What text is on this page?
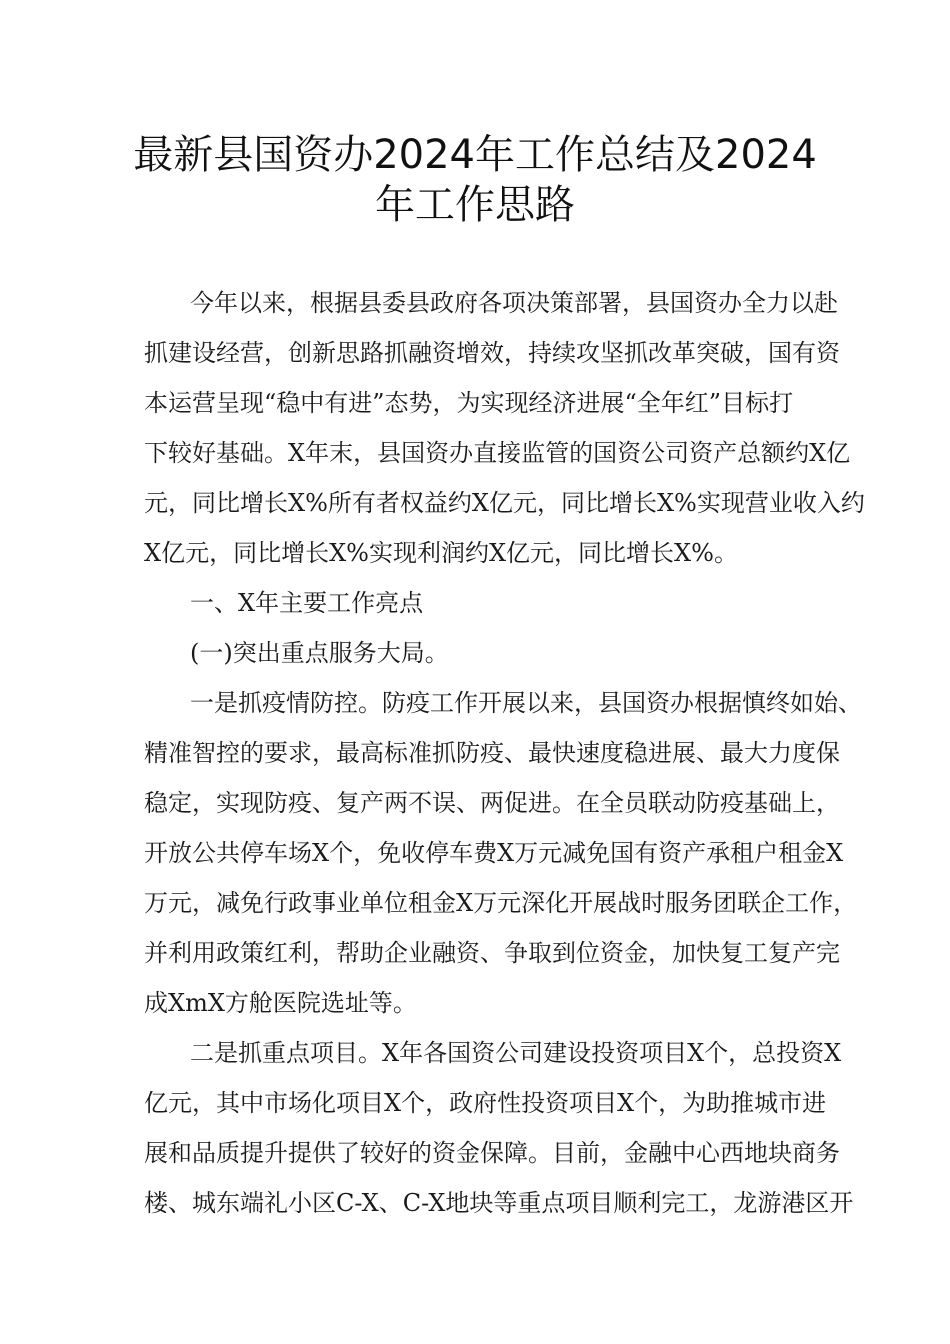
最新县国资办2024年工作总结及2024
年工作思路
今年以来，根据县委县政府各项决策部署，县国资办全力以赴
抓建设经营，创新思路抓融资增效，持续攻坚抓改革突破，国有资
本运营呈现“稳中有进”态势，为实现经济进展“全年红”目标打
下较好基础。X年末，县国资办直接监管的国资公司资产总额约X亿
元，同比增长X%所有者权益约X亿元，同比增长X%实现营业收入约
X亿元，同比增长X%实现利润约X亿元，同比增长X%。
一、X年主要工作亮点
(一)突出重点服务大局。
一是抓疫情防控。防疫工作开展以来，县国资办根据慎终如始、
精准智控的要求，最高标准抓防疫、最快速度稳进展、最大力度保
稳定，实现防疫、复产两不误、两促进。在全员联动防疫基础上，
开放公共停车场X个，免收停车费X万元减免国有资产承租户租金X
万元，减免行政事业单位租金X万元深化开展战时服务团联企工作，
并利用政策红利，帮助企业融资、争取到位资金，加快复工复产完
成XmX方舱医院选址等。
二是抓重点项目。X年各国资公司建设投资项目X个，总投资X
亿元，其中市场化项目X个，政府性投资项目X个，为助推城市进
展和品质提升提供了较好的资金保障。目前，金融中心西地块商务
楼、城东端礼小区C-X、C-X地块等重点项目顺利完工，龙游港区开
